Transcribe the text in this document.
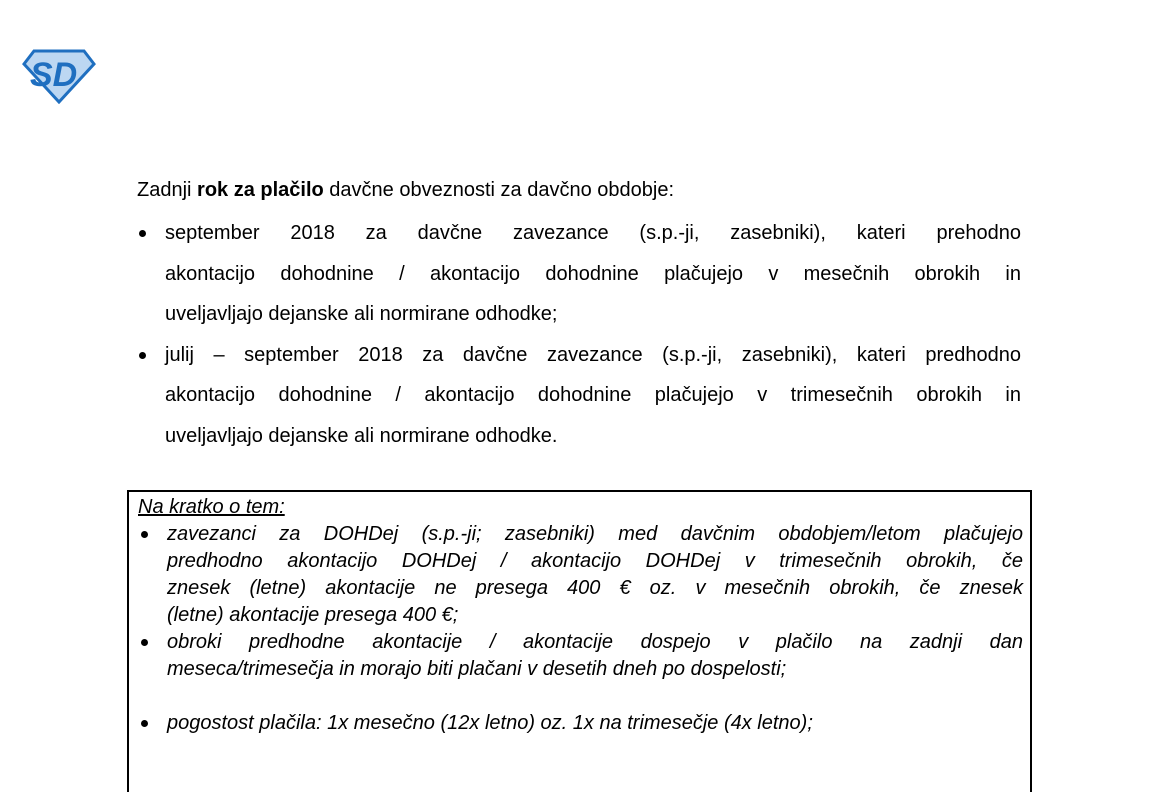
SD
Zadnji rok za plačilo davčne obveznosti za davčno obdobje:
september 2018 za davčne zavezance (s.p.-ji, zasebniki), kateri prehodno
akontacijo dohodnine / akontacijo dohodnine plačujejo v mesečnih obrokih in
uveljavljajo dejanske ali normirane odhodke;
julij – september 2018 za davčne zavezance (s.p.-ji, zasebniki), kateri predhodno
akontacijo dohodnine / akontacijo dohodnine plačujejo v trimesečnih obrokih in
uveljavljajo dejanske ali normirane odhodke.
Na kratko o tem:
zavezanci za DOHDej (s.p.-ji; zasebniki) med davčnim obdobjem/letom plačujejo
predhodno akontacijo DOHDej / akontacijo DOHDej v trimesečnih obrokih, če
znesek (letne) akontacije ne presega 400 € oz. v mesečnih obrokih, če znesek
(letne) akontacije presega 400 €;
obroki predhodne akontacije / akontacije dospejo v plačilo na zadnji dan
meseca/trimesečja in morajo biti plačani v desetih dneh po dospelosti;
pogostost plačila: 1x mesečno (12x letno) oz. 1x na trimesečje (4x letno);
